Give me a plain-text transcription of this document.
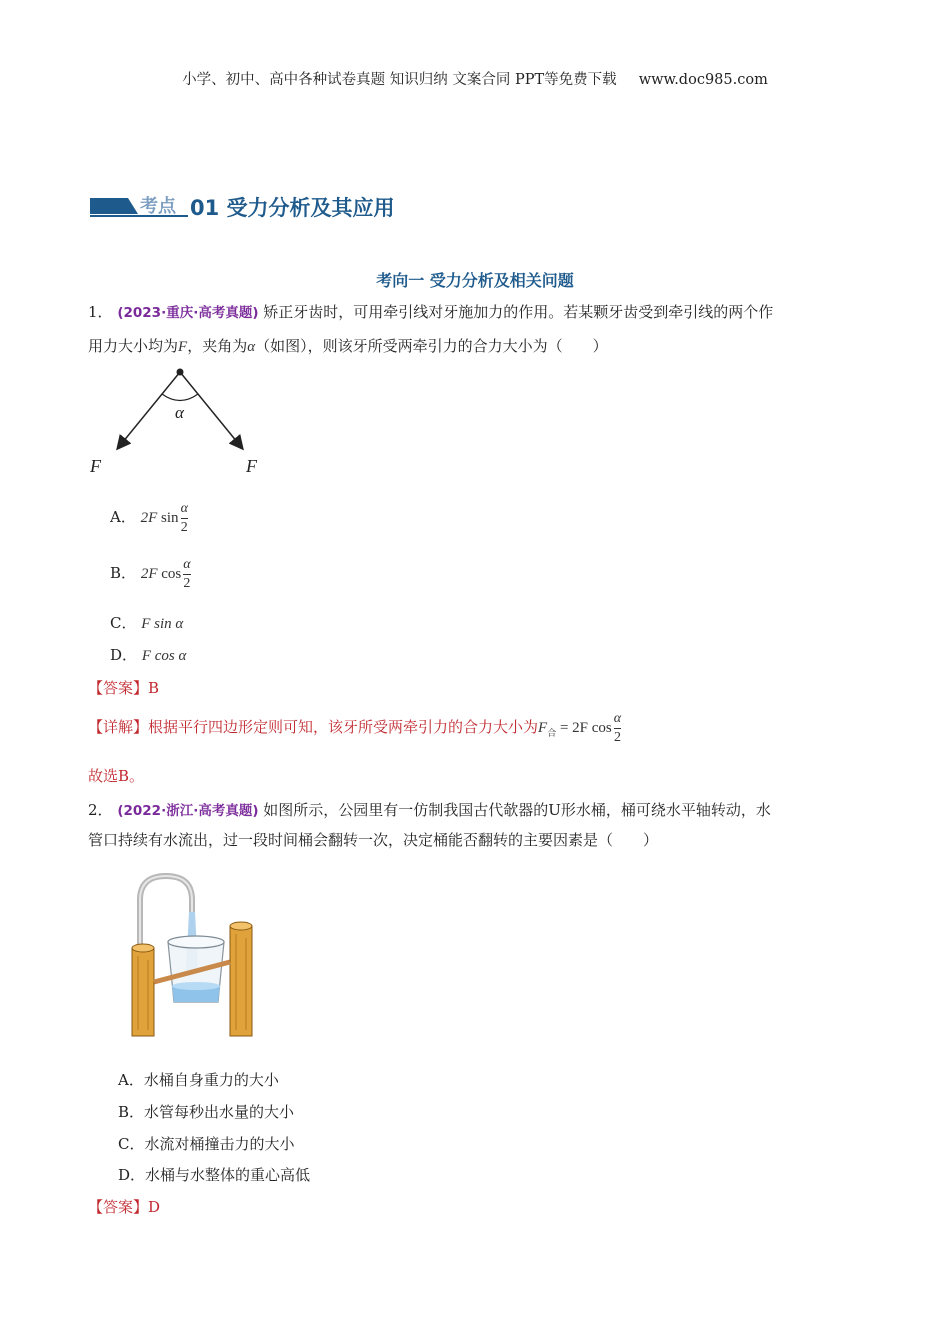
小学、初中、高中各种试卷真题 知识归纳 文案合同 PPT等免费下载 www.doc985.com
考点 01 受力分析及其应用
考向一 受力分析及相关问题
1． (2023·重庆·高考真题) 矫正牙齿时，可用牵引线对牙施加力的作用。若某颗牙齿受到牵引线的两个作
用力大小均为F，夹角为α（如图），则该牙所受两牵引力的合力大小为（　　）
α
F	F
A． 2F $\sin \frac{\alpha}{2}$
B． 2F $\cos \frac{\alpha}{2}$
C． F sin α
D． F cos α
【答案】B
【详解】根据平行四边形定则可知，该牙所受两牵引力的合力大小为$F_合 = 2F$ $\cos \frac{\alpha}{2}$
故选B。
2． (2022·浙江·高考真题) 如图所示，公园里有一仿制我国古代欹器的U形水桶，桶可绕水平轴转动，水
管口持续有水流出，过一段时间桶会翻转一次，决定桶能否翻转的主要因素是（　　）
A．水桶自身重力的大小
B．水管每秒出水量的大小
C．水流对桶撞击力的大小
D．水桶与水整体的重心高低
【答案】D
